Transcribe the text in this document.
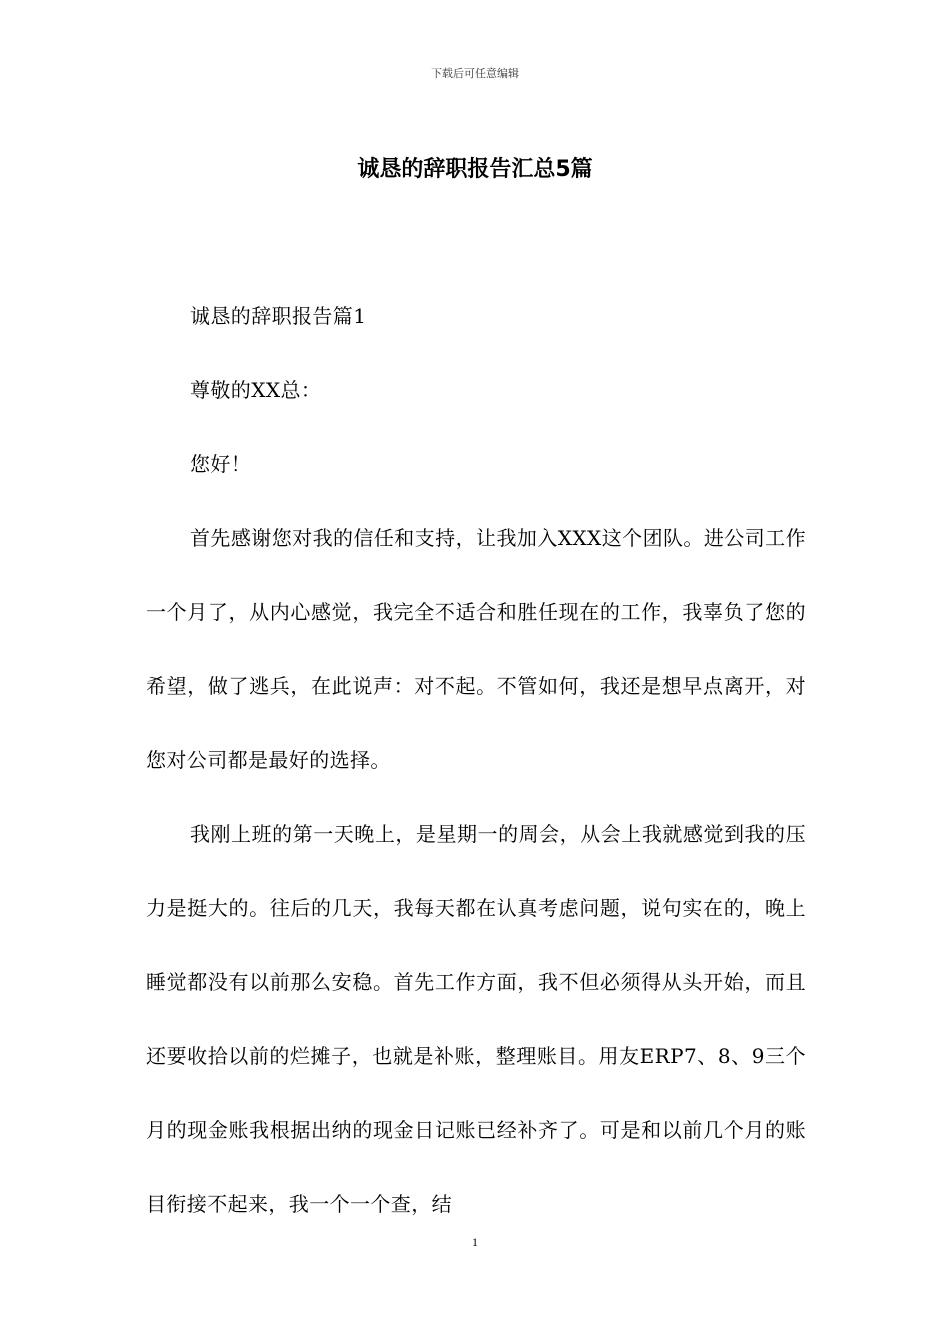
下载后可任意编辑
诚恳的辞职报告汇总5篇

诚恳的辞职报告篇1

尊敬的XX总：

您好！

首先感谢您对我的信任和支持，让我加入XXX这个团队。进公司工作一个月了，从内心感觉，我完全不适合和胜任现在的工作，我辜负了您的希望，做了逃兵，在此说声：对不起。不管如何，我还是想早点离开，对您对公司都是最好的选择。

我刚上班的第一天晚上，是星期一的周会，从会上我就感觉到我的压力是挺大的。往后的几天，我每天都在认真考虑问题，说句实在的，晚上睡觉都没有以前那么安稳。首先工作方面，我不但必须得从头开始，而且还要收拾以前的烂摊子，也就是补账，整理账目。用友ERP7、8、9三个月的现金账我根据出纳的现金日记账已经补齐了。可是和以前几个月的账目衔接不起来，我一个一个查，结

1
